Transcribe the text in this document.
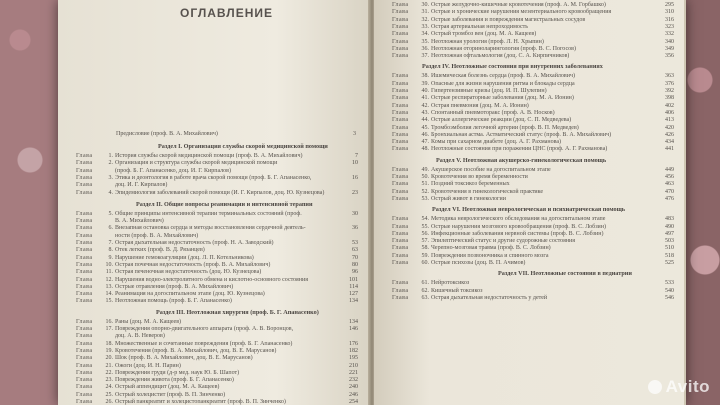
ОГЛАВЛЕНИЕ
Предисловие (проф. В. А. Михайлович)	3
Раздел I. Организация службы скорой медицинской помощи
Глава	1. История службы скорой медицинской помощи (проф. В. А. Михайлович)	7
Глава	2. Организация и структура службы скорой медицинской помощи	10
Глава	(проф. Б. Г. Апанасенко, доц. И. Г. Кирпалов)
Глава	3. Этика и деонтология в работе врача скорой помощи (проф. Б. Г. Апанасенко,	16
Глава	доц. И. Г. Кирпалов)
Глава	4. Эпидемиология заболеваний скорой помощи (И. Г. Кирпалов, доц. Ю. Кузнецова)	23
Раздел II. Общие вопросы реанимации и интенсивной терапии
Глава	5. Общие принципы интенсивной терапии терминальных состояний (проф.	30
Глава	В. А. Михайлович)
Глава	6. Внезапная остановка сердца и методы восстановления сердечной деятель-	36
Глава	ности (проф. В. А. Михайлович)
Глава	7. Острая дыхательная недостаточность (проф. Н. А. Заводский)	53
Глава	8. Отек легких (проф. В. Д. Рязанцев)	63
Глава	9. Нарушение гемокоагуляции (доц. Л. П. Котельникова)	70
Глава 10. Острая почечная недостаточность (проф. В. А. Михайлович)	80
Глава 11. Острая печеночная недостаточность (доц. Ю. Кузнецова)	96
Глава 12. Нарушения водно-электролитного обмена и кислотно-основного состояния	101
Глава 13. Острые отравления (проф. В. А. Михайлович)	114
Глава 14. Реанимация на догоспитальном этапе (доц. Ю. Кузнецова)	127
Глава 15. Неотложная помощь (проф. Б. Г. Апанасенко)	134
Раздел III. Неотложная хирургия (проф. Б. Г. Апанасенко)
Глава 16. Раны (доц. М. А. Кащеев)	134
Глава 17. Повреждения опорно-двигательного аппарата (проф. А. В. Воронцов,	146
Глава	доц. А. В. Неверов)
Глава 18. Множественные и сочетанные повреждения (проф. Б. Г. Апанасенко)	176
Глава 19. Кровотечения (проф. В. А. Михайлович, доц. В. Е. Марусанов)	182
Глава 20. Шок (проф. В. А. Михайлович, доц. В. Е. Марусанов)	195
Глава 21. Ожоги (доц. И. Н. Парин)	210
Глава 22. Повреждения груди (д-р мед. наук Ю. Б. Шапот)	221
Глава 23. Повреждения живота (проф. Б. Г. Апанасенко)	232
Глава 24. Острый аппендицит (доц. М. А. Кащеев)	240
Глава 25. Острый холецистит (проф. В. П. Зинченко)	246
Глава 26. Острый панкреатит и холецистопанкреатит (проф. В. П. Зинченко)	254
Глава 30. Острые желудочно-кишечные кровотечения (проф. А. М. Горбашко)	295
Глава 31. Острые и хронические нарушения мезентериального кровообращения	310
Глава 32. Острые заболевания и повреждения магистральных сосудов	316
Глава 33. Острая артериальная непроходимость	323
Глава 34. Острый тромбоз вен (доц. М. А. Кащеев)	332
Глава 35. Неотложная урология (проф. Л. Н. Хрыпин)	340
Глава 36. Неотложная оториноларингология (проф. В. С. Погосов)	349
Глава 37. Неотложная офтальмология (доц. С. А. Кирпичников)	356
Раздел IV. Неотложные состояния при внутренних заболеваниях
Глава 38. Ишемическая болезнь сердца (проф. В. А. Михайлович)	363
Глава 39. Опасные для жизни нарушения ритма и блокады сердца	376
Глава 40. Гипертензивные кризы (доц. И. П. Шулепин)	392
Глава 41. Острые респираторные заболевания (доц. М. А. Ионин)	398
Глава 42. Острая пневмония (доц. М. А. Ионин)	402
Глава 43. Спонтанный пневмоторакс (проф. А. В. Носков)	406
Глава 44. Острые аллергические реакции (доц. С. П. Медведева)	413
Глава 45. Тромбоэмболия легочной артерии (проф. В. П. Медведев)	420
Глава 46. Бронхиальная астма. Астматический статус (проф. В. А. Михайлович)	426
Глава 47. Комы при сахарном диабете (доц. А. Г. Рахманова)	434
Глава 48. Неотложные состояния при поражении ЦНС (проф. А. Г. Рахманова)	441
Раздел V. Неотложная акушерско-гинекологическая помощь
Глава 49. Акушерское пособие на догоспитальном этапе	449
Глава 50. Кровотечения во время беременности	456
Глава 51. Поздний токсикоз беременных	463
Глава 52. Кровотечения в гинекологической практике	470
Глава 53. Острый живот в гинекологии	476
Раздел VI. Неотложная неврологическая и психиатрическая помощь
Глава 54. Методика неврологического обследования на догоспитальном этапе	483
Глава 55. Острые нарушения мозгового кровообращения (проф. В. С. Лобзин)	490
Глава 56. Инфекционные заболевания нервной системы (проф. В. С. Лобзин)	497
Глава 57. Эпилептический статус и другие судорожные состояния	503
Глава 58. Черепно-мозговая травма (проф. В. С. Лобзин)	510
Глава 59. Повреждения позвоночника и спинного мозга	518
Глава 60. Острые психозы (доц. В. П. Ачимов)	525
Раздел VII. Неотложные состояния в педиатрии
Глава 61. Нейротоксикоз	533
Глава 62. Кишечный токсикоз	540
Глава 63. Острая дыхательная недостаточность у детей	546
Avito
